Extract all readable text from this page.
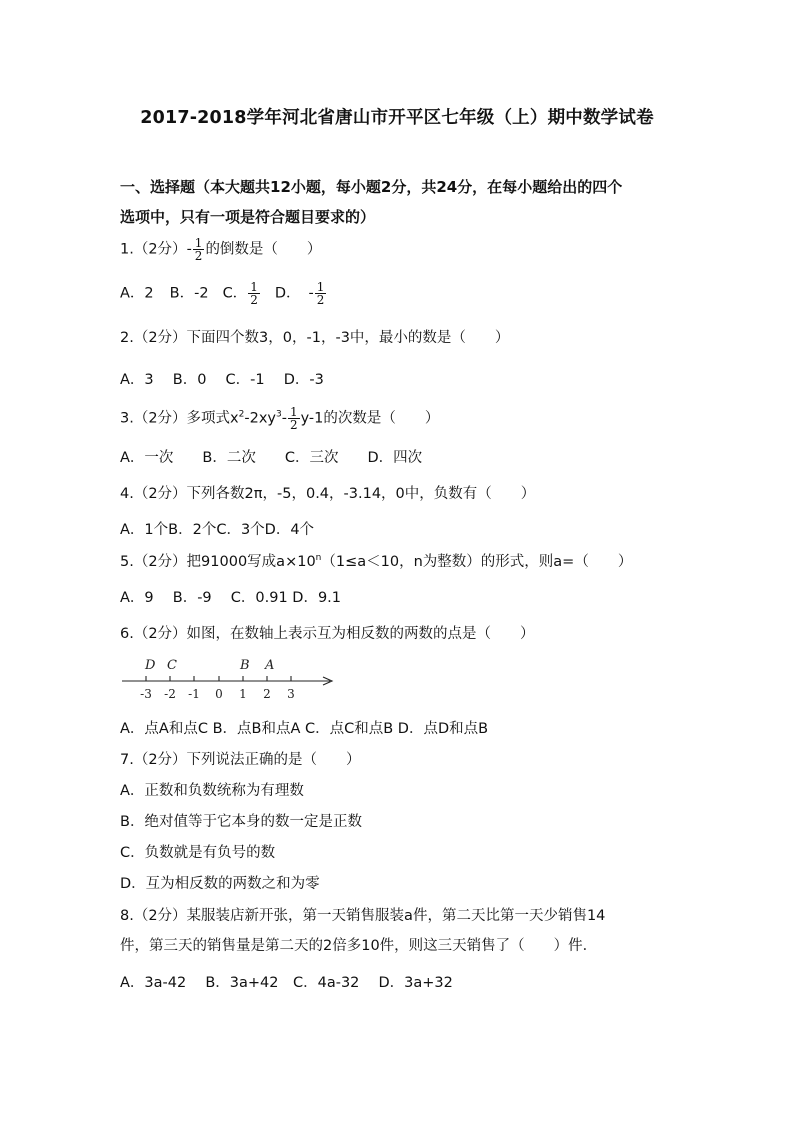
2017-2018学年河北省唐山市开平区七年级（上）期中数学试卷
一、选择题（本大题共12小题，每小题2分，共24分，在每小题给出的四个
选项中，只有一项是符合题目要求的）
1.（2分）- $\frac{1}{2}$ 的倒数是（　　）
A．2 B．-2 C． $\frac{1}{2}$ D． - $\frac{1}{2}$
2.（2分）下面四个数3，0，-1，-3中，最小的数是（　　）
A．3　 B．0　 C．-1　 D．-3
3.（2分）多项式$x^2-2xy^3- \frac{1}{2} y-1$的次数是（　　）
A．一次　　B．二次　　C．三次　　D．四次
4.（2分）下列各数2π，-5，0.4，-3.14，0中，负数有（　　）
A．1个B．2个C．3个D．4个
5.（2分）把91000写成$a\times 10^n(1\le a<10$，n为整数）的形式，则a=（　　）
A．9　 B．-9　 C．0.91 D．9.1
6.（2分）如图，在数轴上表示互为相反数的两数的点是（　　）
D C	B A
-3 -2 -1 0 1 2 3
A．点A和点C B．点B和点A C．点C和点B D．点D和点B
7.（2分）下列说法正确的是（　　）
A．正数和负数统称为有理数
B．绝对值等于它本身的数一定是正数
C．负数就是有负号的数
D．互为相反数的两数之和为零
8.（2分）某服装店新开张，第一天销售服装a件，第二天比第一天少销售14
件，第三天的销售量是第二天的2倍多10件，则这三天销售了（　　）件．
A．3a-42　 B．3a+42　C．4a-32　 D．3a+32
